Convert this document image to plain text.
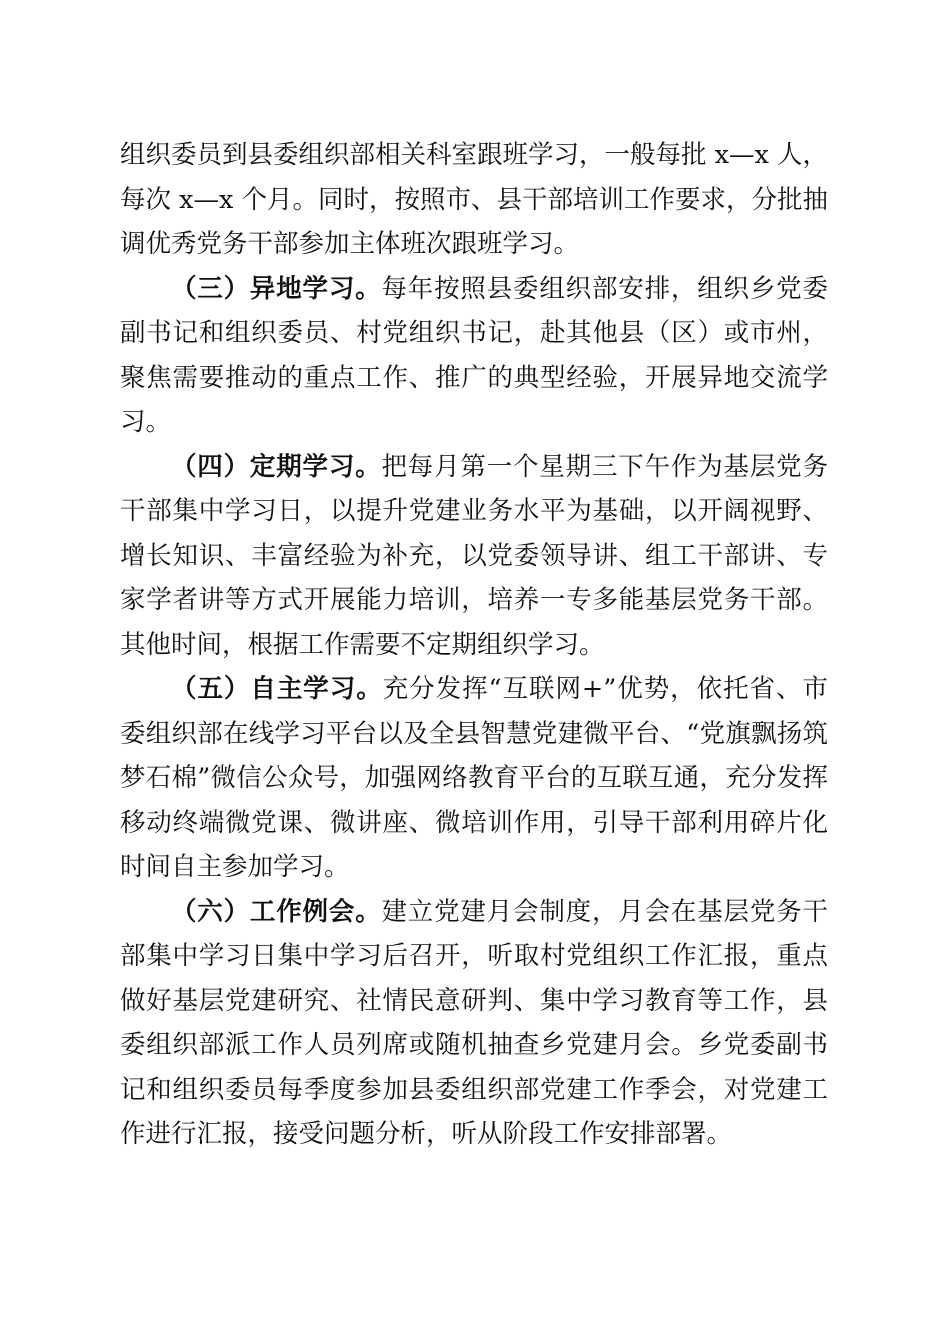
组织委员到县委组织部相关科室跟班学习，一般每批 x—x 人，每次 x—x 个月。同时，按照市、县干部培训工作要求，分批抽调优秀党务干部参加主体班次跟班学习。

（三）异地学习。每年按照县委组织部安排，组织乡党委副书记和组织委员、村党组织书记，赴其他县（区）或市州，聚焦需要推动的重点工作、推广的典型经验，开展异地交流学习。

（四）定期学习。把每月第一个星期三下午作为基层党务干部集中学习日，以提升党建业务水平为基础，以开阔视野、增长知识、丰富经验为补充，以党委领导讲、组工干部讲、专家学者讲等方式开展能力培训，培养一专多能基层党务干部。其他时间，根据工作需要不定期组织学习。

（五）自主学习。充分发挥“互联网+”优势，依托省、市委组织部在线学习平台以及全县智慧党建微平台、“党旗飘扬筑梦石棉”微信公众号，加强网络教育平台的互联互通，充分发挥移动终端微党课、微讲座、微培训作用，引导干部利用碎片化时间自主参加学习。

（六）工作例会。建立党建月会制度，月会在基层党务干部集中学习日集中学习后召开，听取村党组织工作汇报，重点做好基层党建研究、社情民意研判、集中学习教育等工作，县委组织部派工作人员列席或随机抽查乡党建月会。乡党委副书记和组织委员每季度参加县委组织部党建工作季会，对党建工作进行汇报，接受问题分析，听从阶段工作安排部署。
